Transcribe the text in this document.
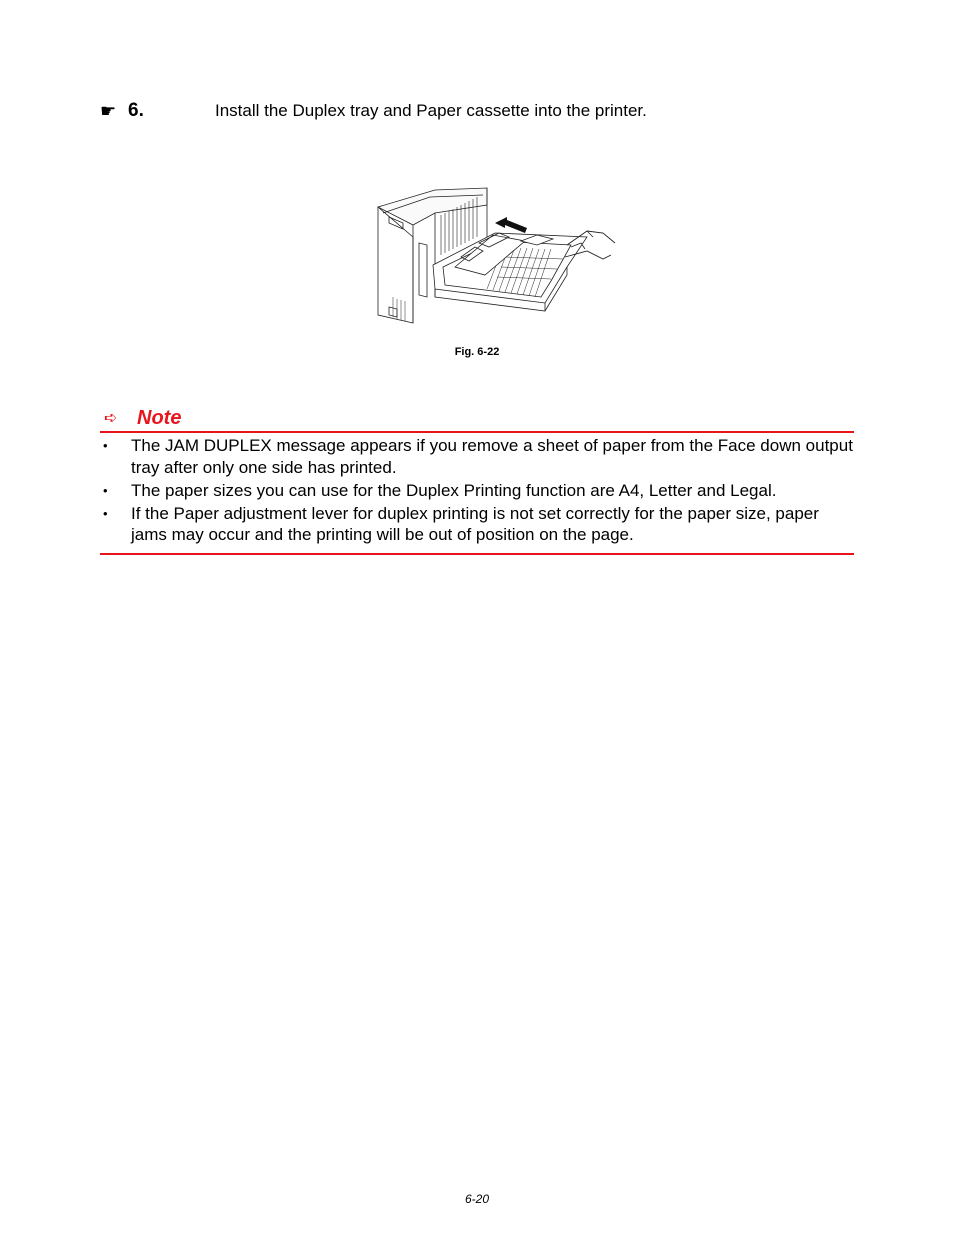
☛ 6.	Install the Duplex tray and Paper cassette into the printer.
Fig. 6-22
➪ Note
• The JAM DUPLEX message appears if you remove a sheet of paper from the Face down output tray after only one side has printed.
• The paper sizes you can use for the Duplex Printing function are A4, Letter and Legal.
• If the Paper adjustment lever for duplex printing is not set correctly for the paper size, paper jams may occur and the printing will be out of position on the page.
6-20
